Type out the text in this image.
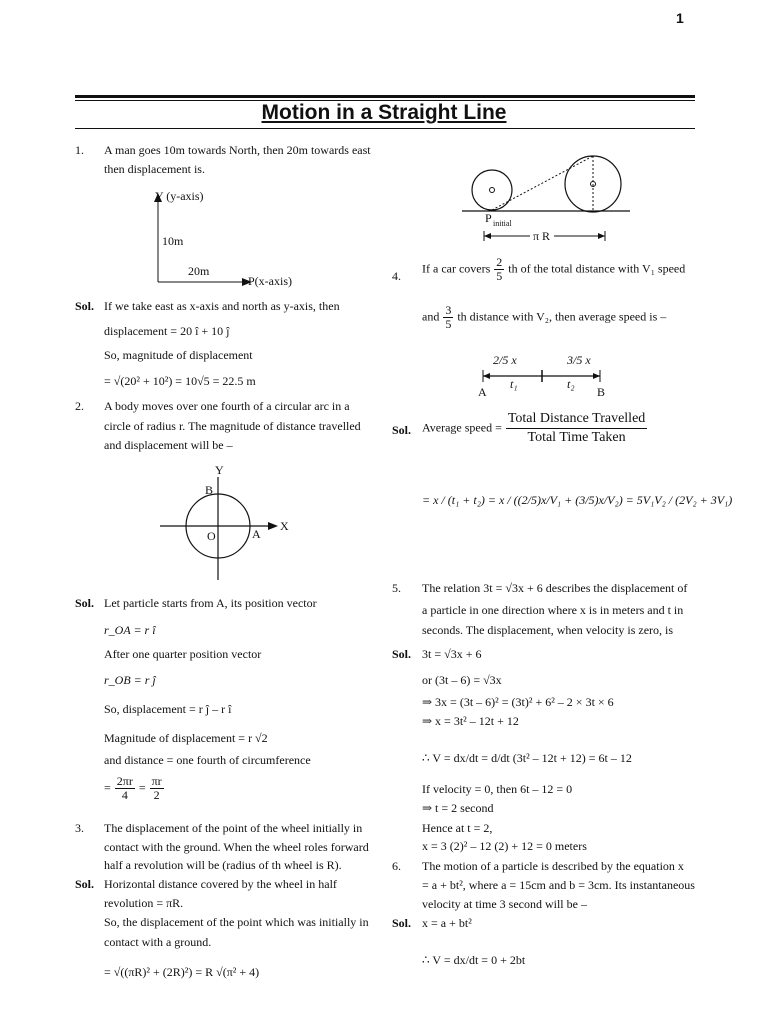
1
Motion in a Straight Line
1. A man goes 10m towards North, then 20m towards east
then displacement is.
Y (y-axis)
10m
20m
P(x-axis)
Sol. If we take east as x-axis and north as y-axis, then
displacement = 20 î + 10 ĵ
So, magnitude of displacement
= √(20² + 10²) = 10√5 = 22.5 m
2. A body moves over one fourth of a circular arc in a
circle of radius r. The magnitude of distance travelled
and displacement will be –
Y
B
X
O	A
Sol. Let particle starts from A, its position vector
r_OA = r î
After one quarter position vector
r_OB = r ĵ
So, displacement = r ĵ – r î
Magnitude of displacement = r √2
and distance = one fourth of circumference
= $\frac{2\pi r}{4} = \frac{\pi r}{2}$
3. The displacement of the point of the wheel initially in
contact with the ground. When the wheel roles forward
half a revolution will be (radius of th wheel is R).
Sol. Horizontal distance covered by the wheel in half
revolution = πR.
So, the displacement of the point which was initially in
contact with a ground.
= √((πR)² + (2R)²) = R √(π² + 4)
P initial
π R
4.
If a car covers $\frac{2}{5}$ th of the total distance with V₁ speed
and $\frac{3}{5}$ th distance with V₂, then average speed is –
2/5 x	3/5 x
t₁	t₂
A	B
Sol. Average speed = $\frac{\text{Total Distance Travelled}}{\text{Total Time Taken}}$
= x / (t₁ + t₂) = x / ((2/5)x/V₁ + (3/5)x/V₂) = 5V₁V₂ / (2V₂ + 3V₁)
5. The relation 3t = √3x + 6 describes the displacement of
a particle in one direction where x is in meters and t in
seconds. The displacement, when velocity is zero, is
Sol. 3t = √3x + 6
or (3t – 6) = √3x
⇒ 3x = (3t – 6)² = (3t)² + 6² – 2 × 3t × 6
⇒ x = 3t² – 12t + 12
∴ V = dx/dt = d/dt (3t² – 12t + 12) = 6t – 12
If velocity = 0, then 6t – 12 = 0
⇒ t = 2 second
Hence at t = 2,
x = 3 (2)² – 12 (2) + 12 = 0 meters
6. The motion of a particle is described by the equation x
= a + bt², where a = 15cm and b = 3cm. Its instantaneous
velocity at time 3 second will be –
Sol. x = a + bt²
∴ V = dx/dt = 0 + 2bt
